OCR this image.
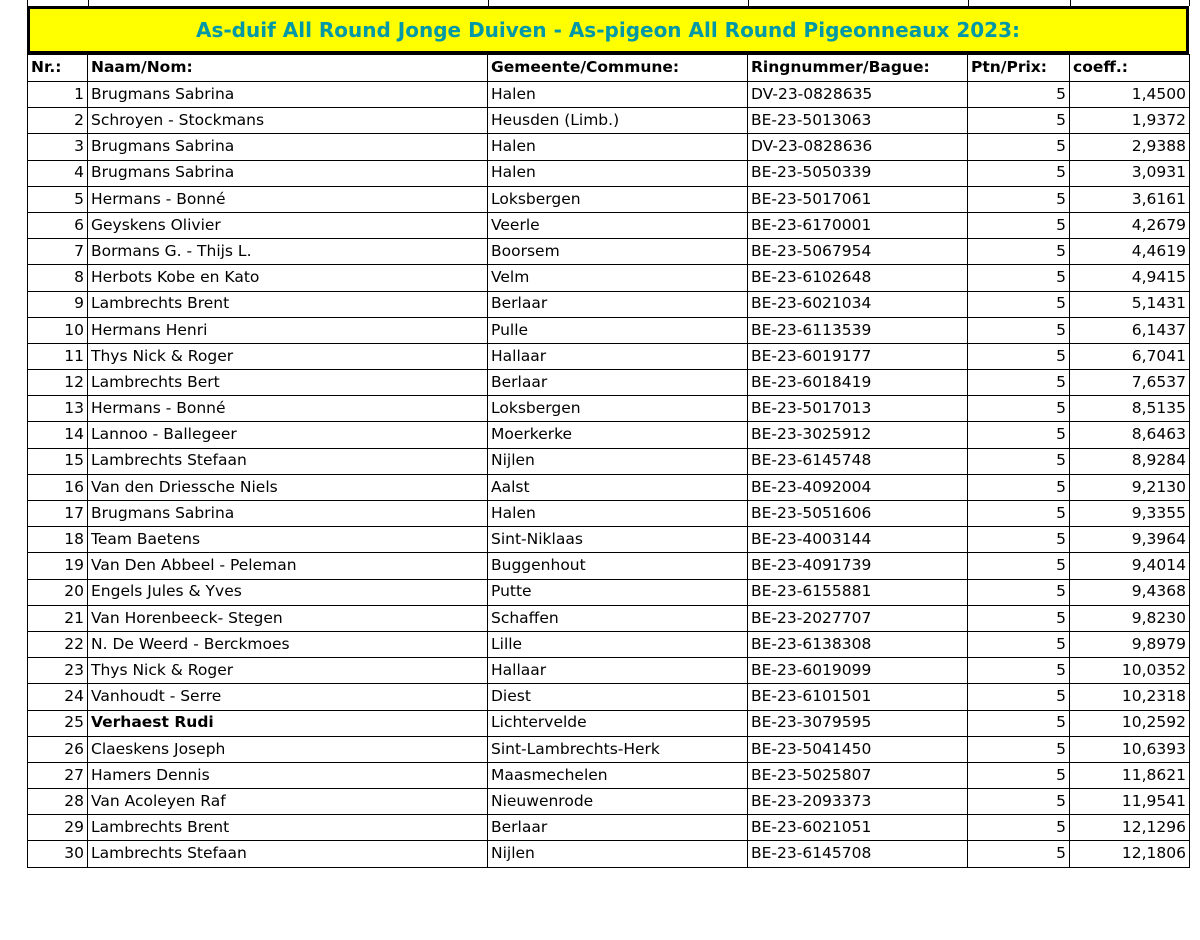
As-duif All Round Jonge Duiven - As-pigeon All Round Pigeonneaux 2023:
Nr.:	Naam/Nom:	Gemeente/Commune:	Ringnummer/Bague:	Ptn/Prix:	coeff.:
1	Brugmans Sabrina	Halen	DV-23-0828635	5	1,4500
2	Schroyen - Stockmans	Heusden (Limb.)	BE-23-5013063	5	1,9372
3	Brugmans Sabrina	Halen	DV-23-0828636	5	2,9388
4	Brugmans Sabrina	Halen	BE-23-5050339	5	3,0931
5	Hermans - Bonné	Loksbergen	BE-23-5017061	5	3,6161
6	Geyskens Olivier	Veerle	BE-23-6170001	5	4,2679
7	Bormans G. - Thijs L.	Boorsem	BE-23-5067954	5	4,4619
8	Herbots Kobe en Kato	Velm	BE-23-6102648	5	4,9415
9	Lambrechts Brent	Berlaar	BE-23-6021034	5	5,1431
10	Hermans Henri	Pulle	BE-23-6113539	5	6,1437
11	Thys Nick & Roger	Hallaar	BE-23-6019177	5	6,7041
12	Lambrechts Bert	Berlaar	BE-23-6018419	5	7,6537
13	Hermans - Bonné	Loksbergen	BE-23-5017013	5	8,5135
14	Lannoo - Ballegeer	Moerkerke	BE-23-3025912	5	8,6463
15	Lambrechts Stefaan	Nijlen	BE-23-6145748	5	8,9284
16	Van den Driessche Niels	Aalst	BE-23-4092004	5	9,2130
17	Brugmans Sabrina	Halen	BE-23-5051606	5	9,3355
18	Team Baetens	Sint-Niklaas	BE-23-4003144	5	9,3964
19	Van Den Abbeel - Peleman	Buggenhout	BE-23-4091739	5	9,4014
20	Engels Jules & Yves	Putte	BE-23-6155881	5	9,4368
21	Van Horenbeeck- Stegen	Schaffen	BE-23-2027707	5	9,8230
22	N. De Weerd - Berckmoes	Lille	BE-23-6138308	5	9,8979
23	Thys Nick & Roger	Hallaar	BE-23-6019099	5	10,0352
24	Vanhoudt - Serre	Diest	BE-23-6101501	5	10,2318
25	Verhaest Rudi	Lichtervelde	BE-23-3079595	5	10,2592
26	Claeskens Joseph	Sint-Lambrechts-Herk	BE-23-5041450	5	10,6393
27	Hamers Dennis	Maasmechelen	BE-23-5025807	5	11,8621
28	Van Acoleyen Raf	Nieuwenrode	BE-23-2093373	5	11,9541
29	Lambrechts Brent	Berlaar	BE-23-6021051	5	12,1296
30	Lambrechts Stefaan	Nijlen	BE-23-6145708	5	12,1806
